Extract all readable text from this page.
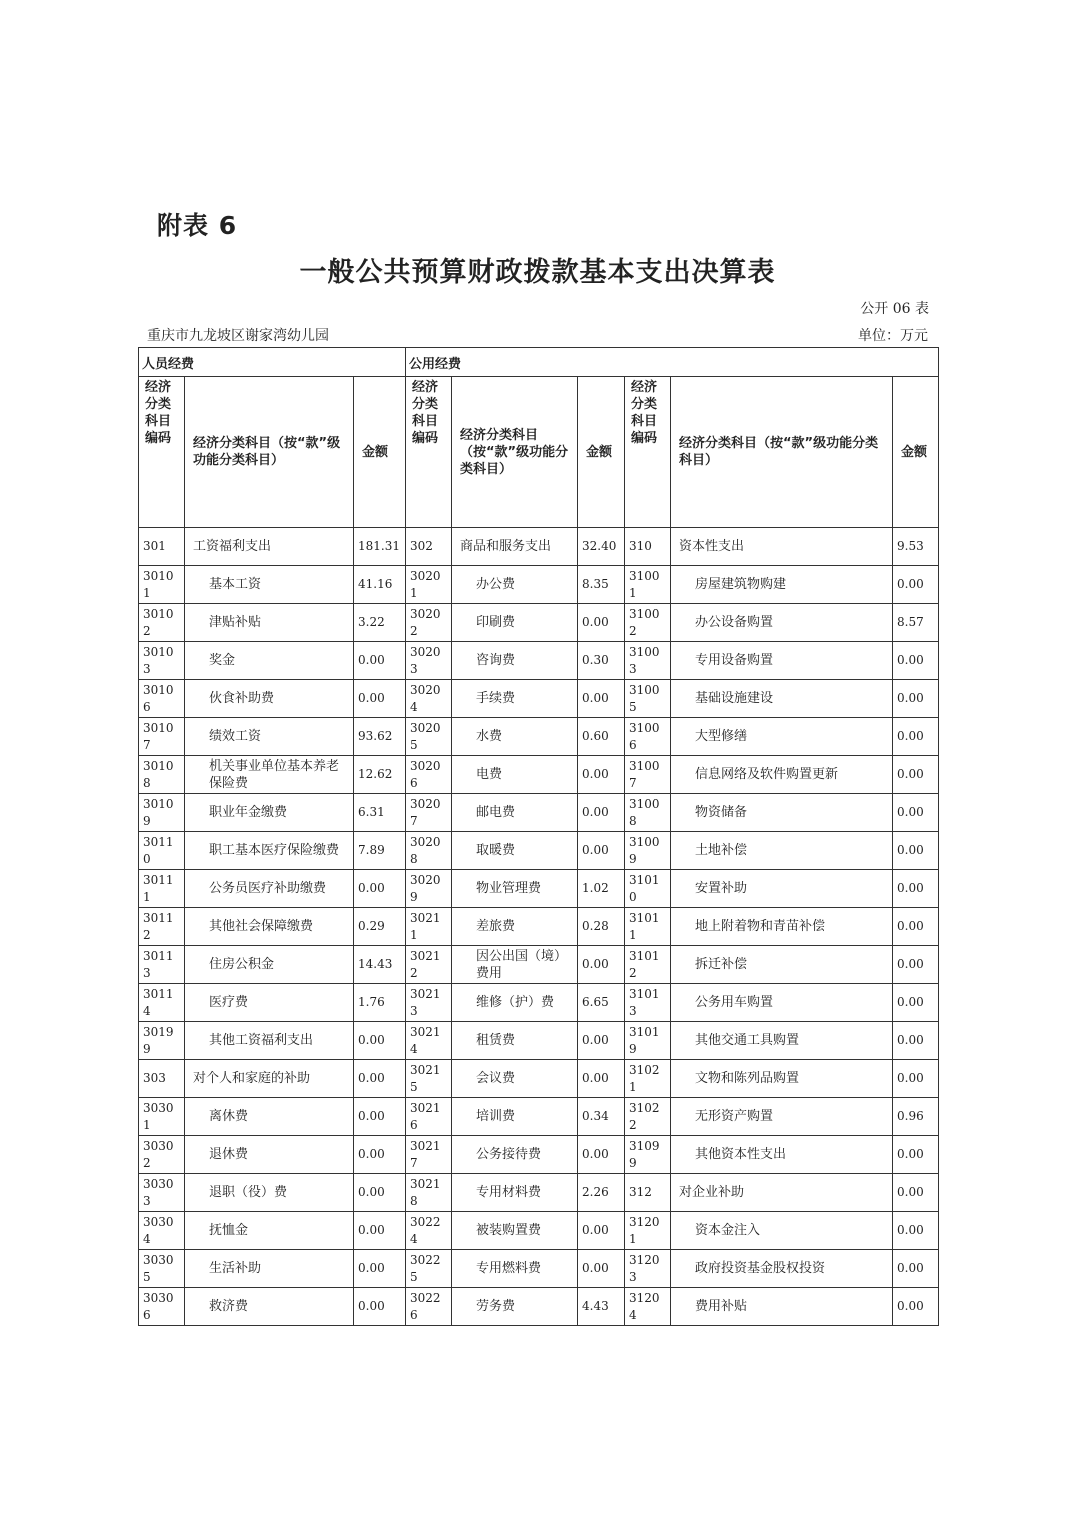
附表 6
一般公共预算财政拨款基本支出决算表
公开 06 表
重庆市九龙坡区谢家湾幼儿园	单位：万元
人员经费			公用经费					
经济分类科目编码	经济分类科目（按“款”级功能分类科目）	金额	经济分类科目编码	经济分类科目（按“款”级功能分类科目）	金额	经济分类科目编码	经济分类科目（按“款”级功能分类科目）	金额
301	工资福利支出	181.31	302	商品和服务支出	32.40	310	资本性支出	9.53
30101	基本工资	41.16	30201	办公费	8.35	31001	房屋建筑物购建	0.00
30102	津贴补贴	3.22	30202	印刷费	0.00	31002	办公设备购置	8.57
30103	奖金	0.00	30203	咨询费	0.30	31003	专用设备购置	0.00
30106	伙食补助费	0.00	30204	手续费	0.00	31005	基础设施建设	0.00
30107	绩效工资	93.62	30205	水费	0.60	31006	大型修缮	0.00
30108	机关事业单位基本养老保险费	12.62	30206	电费	0.00	31007	信息网络及软件购置更新	0.00
30109	职业年金缴费	6.31	30207	邮电费	0.00	31008	物资储备	0.00
30110	职工基本医疗保险缴费	7.89	30208	取暖费	0.00	31009	土地补偿	0.00
30111	公务员医疗补助缴费	0.00	30209	物业管理费	1.02	31010	安置补助	0.00
30112	其他社会保障缴费	0.29	30211	差旅费	0.28	31011	地上附着物和青苗补偿	0.00
30113	住房公积金	14.43	30212	因公出国（境）费用	0.00	31012	拆迁补偿	0.00
30114	医疗费	1.76	30213	维修（护）费	6.65	31013	公务用车购置	0.00
30199	其他工资福利支出	0.00	30214	租赁费	0.00	31019	其他交通工具购置	0.00
303	对个人和家庭的补助	0.00	30215	会议费	0.00	31021	文物和陈列品购置	0.00
30301	离休费	0.00	30216	培训费	0.34	31022	无形资产购置	0.96
30302	退休费	0.00	30217	公务接待费	0.00	31099	其他资本性支出	0.00
30303	退职（役）费	0.00	30218	专用材料费	2.26	312	对企业补助	0.00
30304	抚恤金	0.00	30224	被装购置费	0.00	31201	资本金注入	0.00
30305	生活补助	0.00	30225	专用燃料费	0.00	31203	政府投资基金股权投资	0.00
30306	救济费	0.00	30226	劳务费	4.43	31204	费用补贴	0.00
